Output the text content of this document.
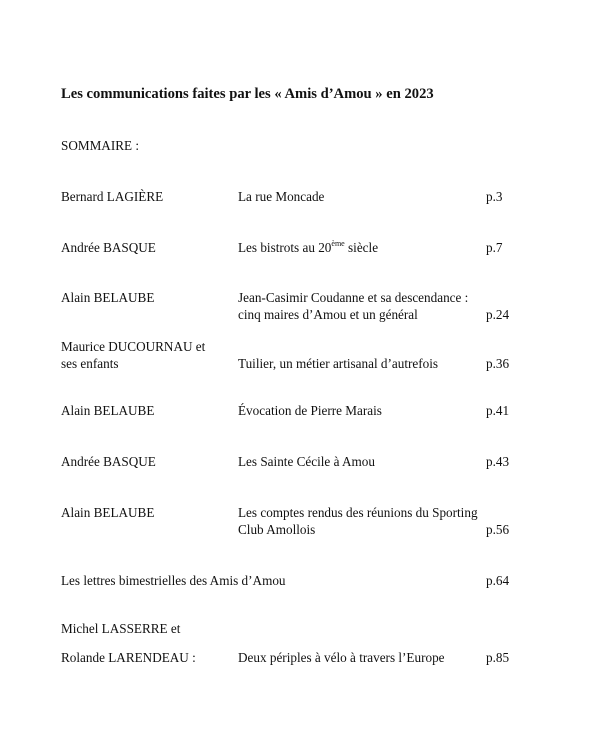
Les communications faites par les « Amis d’Amou » en 2023
SOMMAIRE :
Bernard LAGIÈRE	La rue Moncade	p.3
Andrée BASQUE	Les bistrots au 20ème siècle	p.7
Alain BELAUBE	Jean-Casimir Coudanne et sa descendance :
cinq maires d’Amou et un général	p.24
Maurice DUCOURNAU et
ses enfants	Tuilier, un métier artisanal d’autrefois	p.36
Alain BELAUBE	Évocation de Pierre Marais	p.41
Andrée BASQUE	Les Sainte Cécile à Amou	p.43
Alain BELAUBE	Les comptes rendus des réunions du Sporting
Club Amollois	p.56
Les lettres bimestrielles des Amis d’Amou	p.64
Michel LASSERRE et
Rolande LARENDEAU :	Deux périples à vélo à travers l’Europe	p.85
